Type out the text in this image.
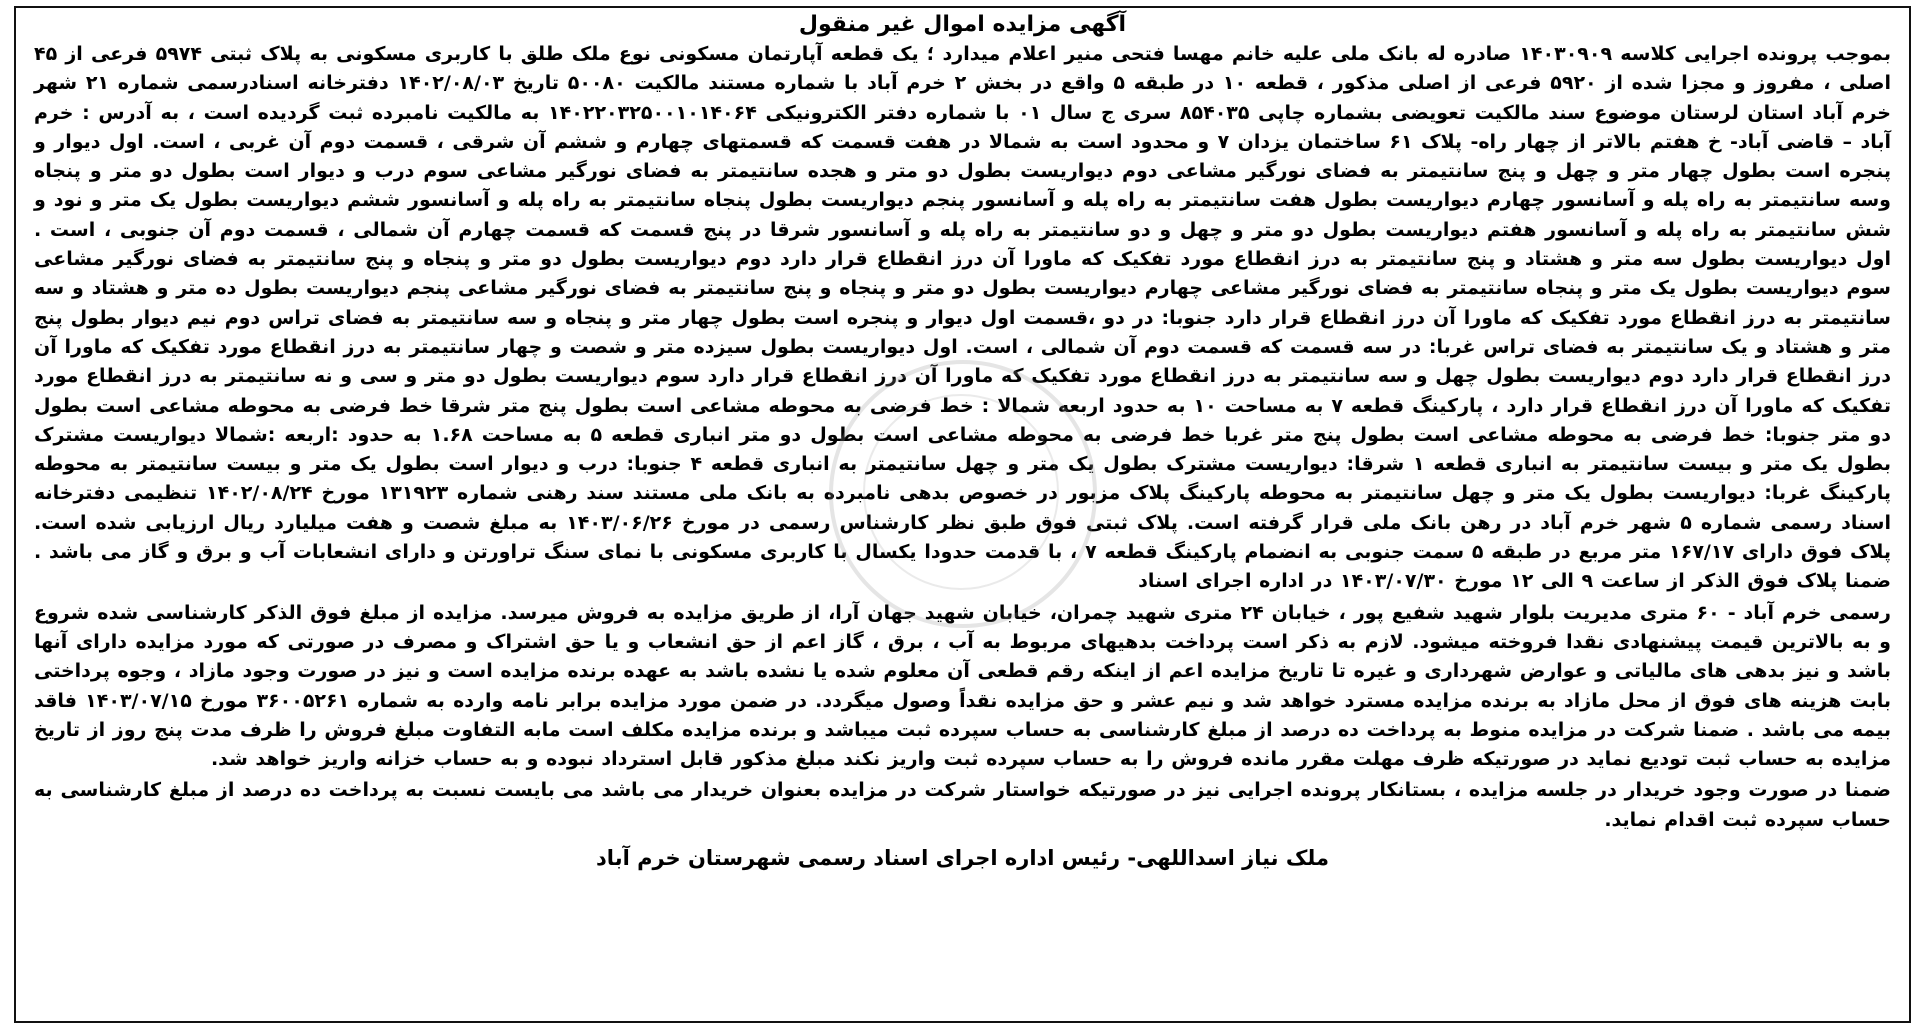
آگهی مزایده اموال غیر منقول

بموجب پرونده اجرایی کلاسه ۱۴۰۳۰۹۰۹ صادره له بانک ملی علیه خانم مهسا فتحی منیر اعلام میدارد ؛ یک قطعه آپارتمان مسکونی نوع ملک طلق با کاربری مسکونی به پلاک ثبتی ۵۹۷۴ فرعی از ۴۵ اصلی ، مفروز و مجزا شده از ۵۹۲۰ فرعی از اصلی مذکور ، قطعه ۱۰ در طبقه ۵ واقع در بخش ۲ خرم آباد با شماره مستند مالکیت ۵۰۰۸۰ تاریخ ۱۴۰۲/۰۸/۰۳ دفترخانه اسنادرسمی شماره ۲۱ شهر خرم آباد استان لرستان موضوع سند مالکیت تعویضی بشماره چاپی ۸۵۴۰۳۵ سری ج سال ۰۱ با شماره دفتر الکترونیکی ۱۴۰۲۲۰۳۲۵۰۰۱۰۱۴۰۶۴ به مالکیت نامبرده ثبت گردیده است ، به آدرس : خرم آباد – قاضی آباد- خ هفتم بالاتر از چهار راه- پلاک ۶۱ ساختمان یزدان ۷ و محدود است به شمالا در هفت قسمت که قسمتهای چهارم و ششم آن شرقی ، قسمت دوم آن غربی ، است. اول دیوار و پنجره است بطول چهار متر و چهل و پنج سانتیمتر به فضای نورگیر مشاعی دوم دیواریست بطول دو متر و هجده سانتیمتر به فضای نورگیر مشاعی سوم درب و دیوار است بطول دو متر و پنجاه وسه سانتیمتر به راه پله و آسانسور چهارم دیواریست بطول هفت سانتیمتر به راه پله و آسانسور پنجم دیواریست بطول پنجاه سانتیمتر به راه پله و آسانسور ششم دیواریست بطول یک متر و نود و شش سانتیمتر به راه پله و آسانسور هفتم دیواریست بطول دو متر و چهل و دو سانتیمتر به راه پله و آسانسور شرقا در پنج قسمت که قسمت چهارم آن شمالی ، قسمت دوم آن جنوبی ، است . اول دیواریست بطول سه متر و هشتاد و پنج سانتیمتر به درز انقطاع مورد تفکیک که ماورا آن درز انقطاع قرار دارد دوم دیواریست بطول دو متر و پنجاه و پنج سانتیمتر به فضای نورگیر مشاعی سوم دیواریست بطول یک متر و پنجاه سانتیمتر به فضای نورگیر مشاعی چهارم دیواریست بطول دو متر و پنجاه و پنج سانتیمتر به فضای نورگیر مشاعی پنجم دیواریست بطول ده متر و هشتاد و سه سانتیمتر به درز انقطاع مورد تفکیک که ماورا آن درز انقطاع قرار دارد جنوبا: در دو ،قسمت اول دیوار و پنجره است بطول چهار متر و پنجاه و سه سانتیمتر به فضای تراس دوم نیم دیوار بطول پنج متر و هشتاد و یک سانتیمتر به فضای تراس غربا: در سه قسمت که قسمت دوم آن شمالی ، است. اول دیواریست بطول سیزده متر و شصت و چهار سانتیمتر به درز انقطاع مورد تفکیک که ماورا آن درز انقطاع قرار دارد دوم دیواریست بطول چهل و سه سانتیمتر به درز انقطاع مورد تفکیک که ماورا آن درز انقطاع قرار دارد سوم دیواریست بطول دو متر و سی و نه سانتیمتر به درز انقطاع مورد تفکیک که ماورا آن درز انقطاع قرار دارد ، پارکینگ قطعه ۷ به مساحت ۱۰ به حدود اربعه شمالا : خط فرضی به محوطه مشاعی است بطول پنج متر شرقا خط فرضی به محوطه مشاعی است بطول دو متر جنوبا: خط فرضی به محوطه مشاعی است بطول پنج متر غربا خط فرضی به محوطه مشاعی است بطول دو متر انباری قطعه ۵ به مساحت ۱.۶۸ به حدود :اربعه :شمالا دیواریست مشترک بطول یک متر و بیست سانتیمتر به انباری قطعه ۱ شرقا: دیواریست مشترک بطول یک متر و چهل سانتیمتر به انباری قطعه ۴ جنوبا: درب و دیوار است بطول یک متر و بیست سانتیمتر به محوطه پارکینگ غربا: دیواریست بطول یک متر و چهل سانتیمتر به محوطه پارکینگ پلاک مزبور در خصوص بدهی نامبرده به بانک ملی مستند سند رهنی شماره ۱۳۱۹۲۳ مورخ ۱۴۰۲/۰۸/۲۴ تنظیمی دفترخانه اسناد رسمی شماره ۵ شهر خرم آباد در رهن بانک ملی قرار گرفته است. پلاک ثبتی فوق طبق نظر کارشناس رسمی در مورخ ۱۴۰۳/۰۶/۲۶ به مبلغ شصت و هفت میلیارد ریال ارزیابی شده است. پلاک فوق دارای ۱۶۷/۱۷ متر مربع در طبقه ۵ سمت جنوبی به انضمام پارکینگ قطعه ۷ ، با قدمت حدودا یکسال با کاربری مسکونی با نمای سنگ تراورتن و دارای انشعابات آب و برق و گاز می باشد . ضمنا پلاک فوق الذکر از ساعت ۹ الی ۱۲ مورخ ۱۴۰۳/۰۷/۳۰ در اداره اجرای اسناد

رسمی خرم آباد - ۶۰ متری مدیریت بلوار شهید شفیع پور ، خیابان ۲۴ متری شهید چمران، خیابان شهید جهان آرا، از طریق مزایده به فروش میرسد. مزایده از مبلغ فوق الذکر کارشناسی شده شروع و به بالاترین قیمت پیشنهادی نقدا فروخته میشود. لازم به ذکر است پرداخت بدهیهای مربوط به آب ، برق ، گاز اعم از حق انشعاب و یا حق اشتراک و مصرف در صورتی که مورد مزایده دارای آنها باشد و نیز بدهی های مالیاتی و عوارض شهرداری و غیره تا تاریخ مزایده اعم از اینکه رقم قطعی آن معلوم شده یا نشده باشد به عهده برنده مزایده است و نیز در صورت وجود مازاد ، وجوه پرداختی بابت هزینه های فوق از محل مازاد به برنده مزایده مسترد خواهد شد و نیم عشر و حق مزایده نقداً وصول میگردد. در ضمن مورد مزایده برابر نامه وارده به شماره ۳۶۰۰۵۲۶۱ مورخ ۱۴۰۳/۰۷/۱۵ فاقد بیمه می باشد . ضمنا شرکت در مزایده منوط به پرداخت ده درصد از مبلغ کارشناسی به حساب سپرده ثبت میباشد و برنده مزایده مکلف است مابه التفاوت مبلغ فروش را ظرف مدت پنج روز از تاریخ مزایده به حساب ثبت تودیع نماید در صورتیکه ظرف مهلت مقرر مانده فروش را به حساب سپرده ثبت واریز نکند مبلغ مذکور قابل استرداد نبوده و به حساب خزانه واریز خواهد شد.

ضمنا در صورت وجود خریدار در جلسه مزایده ، بستانکار پرونده اجرایی نیز در صورتیکه خواستار شرکت در مزایده بعنوان خریدار می باشد می بایست نسبت به پرداخت ده درصد از مبلغ کارشناسی به حساب سپرده ثبت اقدام نماید.

ملک نیاز اسداللهی- رئیس اداره اجرای اسناد رسمی شهرستان خرم آباد
